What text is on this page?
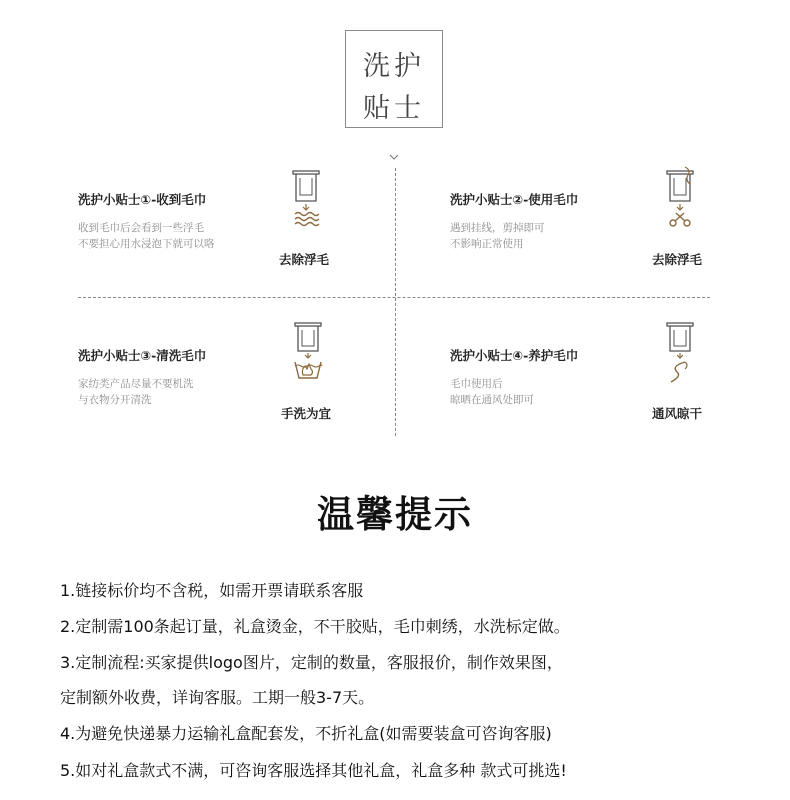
洗护
贴士
洗护小贴士①-收到毛巾
收到毛巾后会看到一些浮毛
不要担心用水浸泡下就可以咯
去除浮毛
洗护小贴士②-使用毛巾
遇到挂线，剪掉即可
不影响正常使用
去除浮毛
洗护小贴士③-清洗毛巾
家纺类产品尽量不要机洗
与衣物分开清洗
手洗为宜
洗护小贴士④-养护毛巾
毛巾使用后
晾晒在通风处即可
通风晾干
温馨提示
1.链接标价均不含税，如需开票请联系客服
2.定制需100条起订量，礼盒烫金，不干胶贴，毛巾刺绣，水洗标定做。
3.定制流程:买家提供logo图片，定制的数量，客服报价，制作效果图，
定制额外收费，详询客服。工期一般3-7天。
4.为避免快递暴力运输礼盒配套发，不折礼盒(如需要装盒可咨询客服)
5.如对礼盒款式不满，可咨询客服选择其他礼盒，礼盒多种 款式可挑选!
